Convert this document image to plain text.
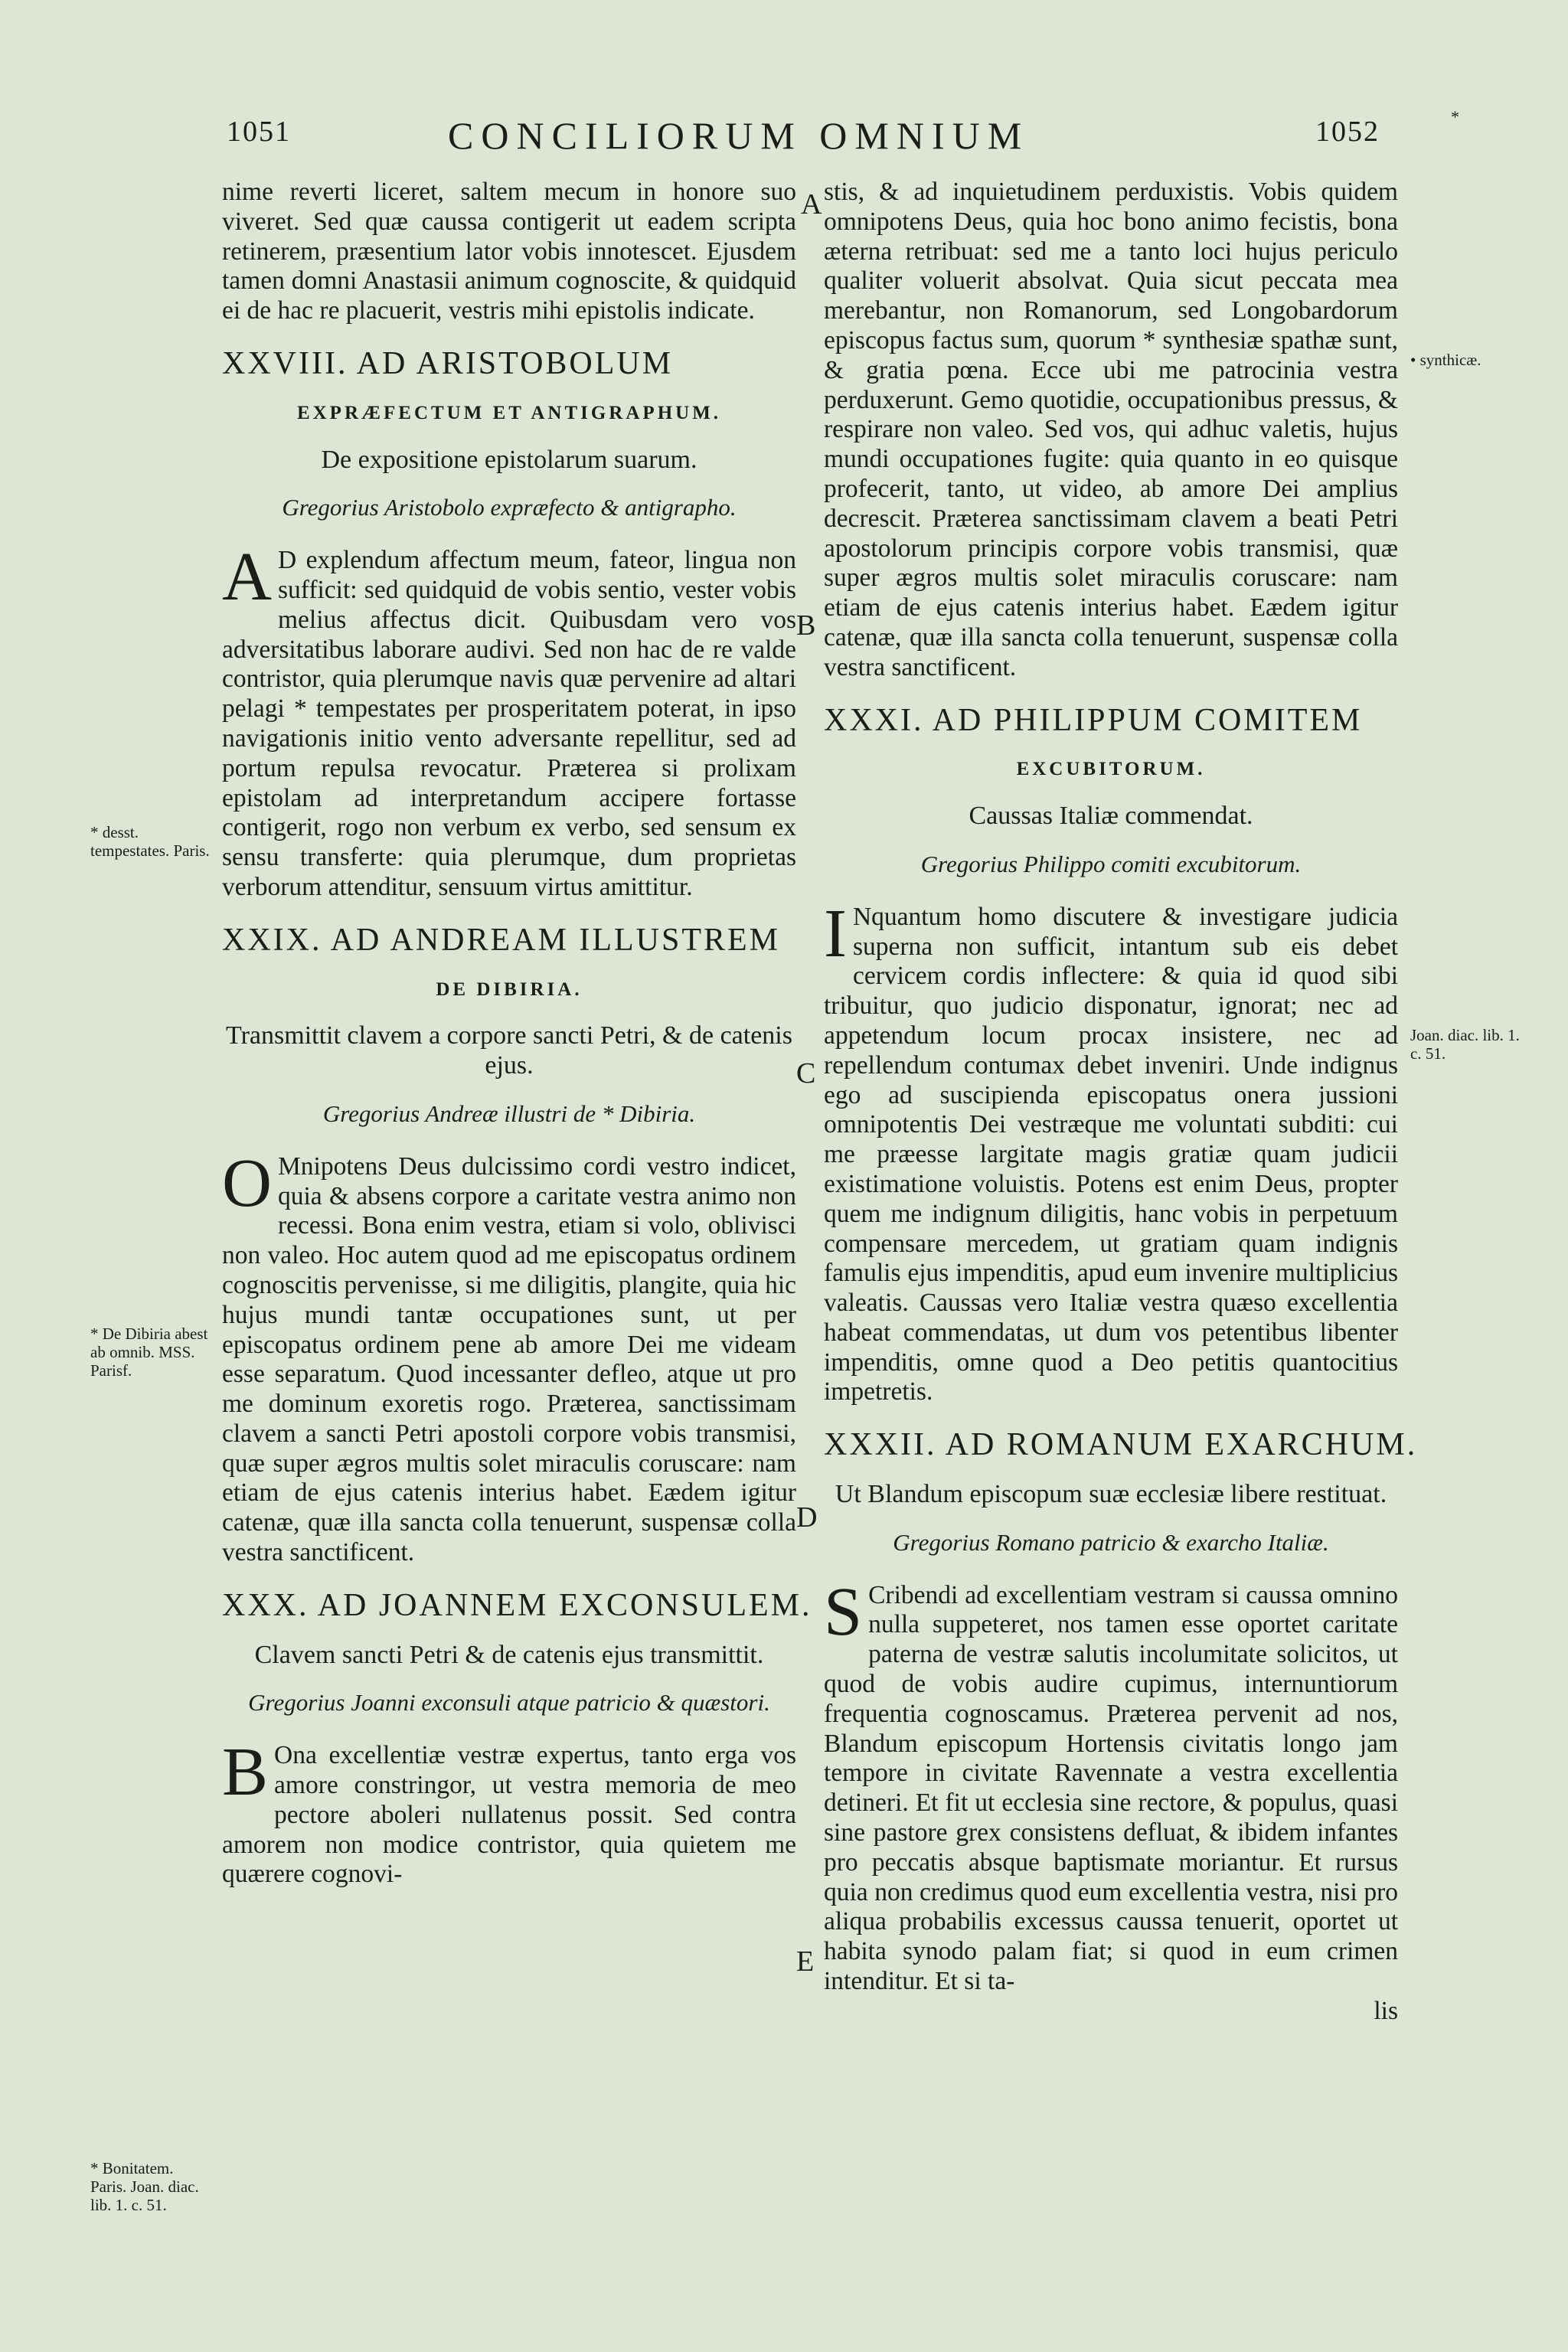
1051	CONCILIORUM OMNIUM	1052	*

nime reverti liceret, saltem mecum in honore suo viveret. Sed quæ caussa contigerit ut eadem scripta retinerem, præsentium lator vobis innotescet. Ejusdem tamen domni Anastasii animum cognoscite, & quidquid ei de hac re placuerit, vestris mihi epistolis indicate.

XXVIII. AD ARISTOBOLUM
EXPRÆFECTUM ET ANTIGRAPHUM.
De expositione epistolarum suarum.
Gregorius Aristobolo expræfecto & antigrapho.

A D explendum affectum meum, fateor, lingua non sufficit: sed quidquid de vobis sentio, vester vobis melius affectus dicit. Quibusdam vero vos adversitatibus laborare audivi. Sed non hac de re valde contristor, quia plerumque navis quæ pervenire ad altari pelagi * tempestates per prosperitatem poterat, in ipso navigationis initio vento adversante repellitur, sed ad portum repulsa revocatur. Præterea si prolixam epistolam ad interpretandum accipere fortasse contigerit, rogo non verbum ex verbo, sed sensum ex sensu transferte: quia plerumque, dum proprietas verborum attenditur, sensuum virtus amittitur.

XXIX. AD ANDREAM ILLUSTREM
DE DIBIRIA.
Transmittit clavem a corpore sancti Petri, & de catenis ejus.
Gregorius Andreæ illustri de * Dibiria.

O Mnipotens Deus dulcissimo cordi vestro indicet, quia & absens corpore a caritate vestra animo non recessi. Bona enim vestra, etiam si volo, oblivisci non valeo. Hoc autem quod ad me episcopatus ordinem cognoscitis pervenisse, si me diligitis, plangite, quia hic hujus mundi tantæ occupationes sunt, ut per episcopatus ordinem pene ab amore Dei me videam esse separatum. Quod incessanter defleo, atque ut pro me dominum exoretis rogo. Præterea, sanctissimam clavem a sancti Petri apostoli corpore vobis transmisi, quæ super ægros multis solet miraculis coruscare: nam etiam de ejus catenis interius habet. Eædem igitur catenæ, quæ illa sancta colla tenuerunt, suspensæ colla vestra sanctificent.

XXX. AD JOANNEM EXCONSULEM.
Clavem sancti Petri & de catenis ejus transmittit.
Gregorius Joanni exconsuli atque patricio & quæstori.

B Ona excellentiæ vestræ expertus, tanto erga vos amore constringor, ut vestra memoria de meo pectore aboleri nullatenus possit. Sed contra amorem non modice contristor, quia quietem me quærere cognovi-

stis, & ad inquietudinem perduxistis. Vobis quidem omnipotens Deus, quia hoc bono animo fecistis, bona æterna retribuat: sed me a tanto loci hujus periculo qualiter voluerit absolvat. Quia sicut peccata mea merebantur, non Romanorum, sed Longobardorum episcopus factus sum, quorum * synthesiæ spathæ sunt, & gratia pœna. Ecce ubi me patrocinia vestra perduxerunt. Gemo quotidie, occupationibus pressus, & respirare non valeo. Sed vos, qui adhuc valetis, hujus mundi occupationes fugite: quia quanto in eo quisque profecerit, tanto, ut video, ab amore Dei amplius decrescit. Præterea sanctissimam clavem a beati Petri apostolorum principis corpore vobis transmisi, quæ super ægros multis solet miraculis coruscare: nam etiam de ejus catenis interius habet. Eædem igitur catenæ, quæ illa sancta colla tenuerunt, suspensæ colla vestra sanctificent.

XXXI. AD PHILIPPUM COMITEM
EXCUBITORUM.
Caussas Italiæ commendat.
Gregorius Philippo comiti excubitorum.

I Nquantum homo discutere & investigare judicia superna non sufficit, intantum sub eis debet cervicem cordis inflectere: & quia id quod sibi tribuitur, quo judicio disponatur, ignorat; nec ad appetendum locum procax insistere, nec ad repellendum contumax debet inveniri. Unde indignus ego ad suscipienda episcopatus onera jussioni omnipotentis Dei vestræque me voluntati subditi: cui me præesse largitate magis gratiæ quam judicii existimatione voluistis. Potens est enim Deus, propter quem me indignum diligitis, hanc vobis in perpetuum compensare mercedem, ut gratiam quam indignis famulis ejus impenditis, apud eum invenire multiplicius valeatis. Caussas vero Italiæ vestra quæso excellentia habeat commendatas, ut dum vos petentibus libenter impenditis, omne quod a Deo petitis quantocitius impetretis.

XXXII. AD ROMANUM EXARCHUM.
Ut Blandum episcopum suæ ecclesiæ libere restituat.
Gregorius Romano patricio & exarcho Italiæ.

S Cribendi ad excellentiam vestram si caussa omnino nulla suppeteret, nos tamen esse oportet caritate paterna de vestræ salutis incolumitate solicitos, ut quod de vobis audire cupimus, internuntiorum frequentia cognoscamus. Præterea pervenit ad nos, Blandum episcopum Hortensis civitatis longo jam tempore in civitate Ravennate a vestra excellentia detineri. Et fit ut ecclesia sine rectore, & populus, quasi sine pastore grex consistens defluat, & ibidem infantes pro peccatis absque baptismate moriantur. Et rursus quia non credimus quod eum excellentia vestra, nisi pro aliqua probabilis excessus caussa tenuerit, oportet ut habita synodo palam fiat; si quod in eum crimen intenditur. Et si ta-

lis

A
B
C
D
E
* desst. tempestates. Paris.
* De Dibiria abest ab omnib. MSS. Parisf.
* Bonitatem. Paris. Joan. diac. lib. 1. c. 51.
• synthicæ.
Joan. diac. lib. 1. c. 51.
